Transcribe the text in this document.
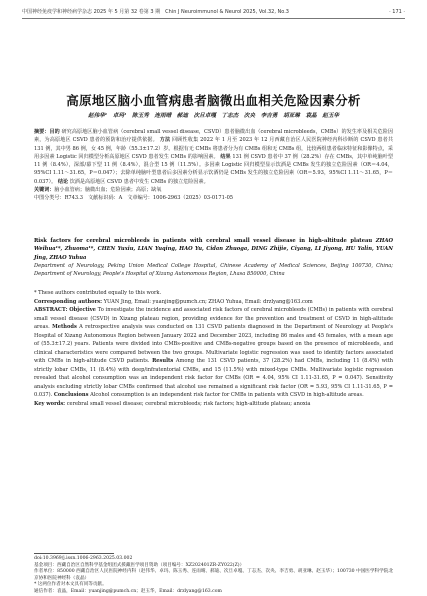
中国神经免疫学和神经病学杂志 2025 年 5 月第 32 卷第 3 期　Chin J Neuroimmunol & Neurol 2025, Vol.32, No.3	· 171 ·
高原地区脑小血管病患者脑微出血相关危险因素分析
赵伟华¹　卓玛¹　陈玉秀　连雨晴　郝迪　次旦卓嘎　丁志杰　次央　李吉勇　胡亚琳　袁晶　赵玉华

摘要：目的 研究高原地区脑小血管病（cerebral small vessel disease，CSVD）患者脑微出血（cerebral microbleeds，CMBs）的发生率及相关危险因素，为高原地区 CSVD 患者的预防和治疗提供依据。 方法 回顾性收集 2022 年 1 月至 2023 年 12 月西藏自治区人民医院神经内科诊断的 CSVD 患者共 131 例，其中男 86 例，女 45 例，年龄（55.3±17.2）岁。根据有无 CMBs 将患者分为有 CMBs 组和无 CMBs 组，比较两组患者临床特征和影像特点，采用多因素 Logistic 回归模型分析高原地区 CSVD 患者发生 CMBs 的影响因素。 结果 131 例 CSVD 患者中 37 例（28.2%）存在 CMBs，其中单纯脑叶型 11 例（8.4%），深部/幕下型 11 例（8.4%），混合型 15 例（11.5%）。多因素 Logistic 回归模型显示饮酒是 CMBs 发生的独立危险因素（OR＝4.04，95%CI 1.11～31.65，P＝0.047）；去除单纯脑叶型患者后多因素分析显示饮酒仍是 CMBs 发生的独立危险因素（OR＝5.93，95%CI 1.11～31.65，P＝0.037）。 结论 饮酒是高原地区 CSVD 患者中发生 CMBs 的独立危险因素。

关键词：脑小血管病；脑微出血；危险因素；高原；缺氧

中图分类号：R743.3　文献标识码：A　文章编号：1006-2963（2025）03-0171-05

Risk factors for cerebral microbleeds in patients with cerebral small vessel disease in high-altitude plateau ZHAO Weihua¹*, Zhuoma¹*, CHEN Yuxiu, LIAN Yuqing, HAO Yu, Cidan Zhuoga, DING Zhijie, Ciyang, LI Jiyong, HU Yalin, YUAN Jing, ZHAO Yuhua
Department of Neurology, Peking Union Medical College Hospital, Chinese Academy of Medical Sciences, Beijing 100730, China; Department of Neurology, People's Hospital of Xizang Autonomous Region, Lhasa 850000, China

* These authors contributed equally to this work.

Corresponding authors: YUAN Jing, Email: yuanjing@pumch.cn; ZHAO Yuhua, Email: drzlyang@163.com

ABSTRACT: Objective To investigate the incidence and associated risk factors of cerebral microbleeds (CMBs) in patients with cerebral small vessel disease (CSVD) in Xizang plateau region, providing evidence for the prevention and treatment of CSVD in high-altitude areas. Methods A retrospective analysis was conducted on 131 CSVD patients diagnosed in the Department of Neurology at People's Hospital of Xizang Autonomous Region between January 2022 and December 2023, including 86 males and 45 females, with a mean age of (55.3±17.2) years. Patients were divided into CMBs-positive and CMBs-negative groups based on the presence of microbleeds, and clinical characteristics were compared between the two groups. Multivariate logistic regression was used to identify factors associated with CMBs in high-altitude CSVD patients. Results Among the 131 CSVD patients, 37 (28.2%) had CMBs, including 11 (8.4%) with strictly lobar CMBs, 11 (8.4%) with deep/infratentorial CMBs, and 15 (11.5%) with mixed-type CMBs. Multivariate logistic regression revealed that alcohol consumption was an independent risk factor for CMBs (OR = 4.04, 95% CI 1.11-31.65, P = 0.047). Sensitivity analysis excluding strictly lobar CMBs confirmed that alcohol use remained a significant risk factor (OR = 5.93, 95% CI 1.11-31.65, P = 0.037). Conclusions Alcohol consumption is an independent risk factor for CMBs in patients with CSVD in high-altitude areas.

Key words: cerebral small vessel disease; cerebral microbleeds; risk factors; high-altitude plateau; anoxia

doi:10.3969/j.issn.1006-2963.2025.03.002

基金项目：西藏自治区自然科学基金组团式援藏医学项目资助（项目编号：XZ202401ZR-ZY022(Z)）

作者单位：850000 西藏自治区人民医院神经内科（赵伟华、卓玛、陈玉秀、连雨晴、郝迪、次旦卓嘎、丁志杰、次央、李吉勇、胡亚琳、赵玉华）；100730 中国医学科学院北京协和医院神经科（袁晶）

* 这两位作者对本文具有同等贡献。

通信作者：袁晶，Email：yuanjing@pumch.cn；赵玉华，Email：drzlyang@163.com
